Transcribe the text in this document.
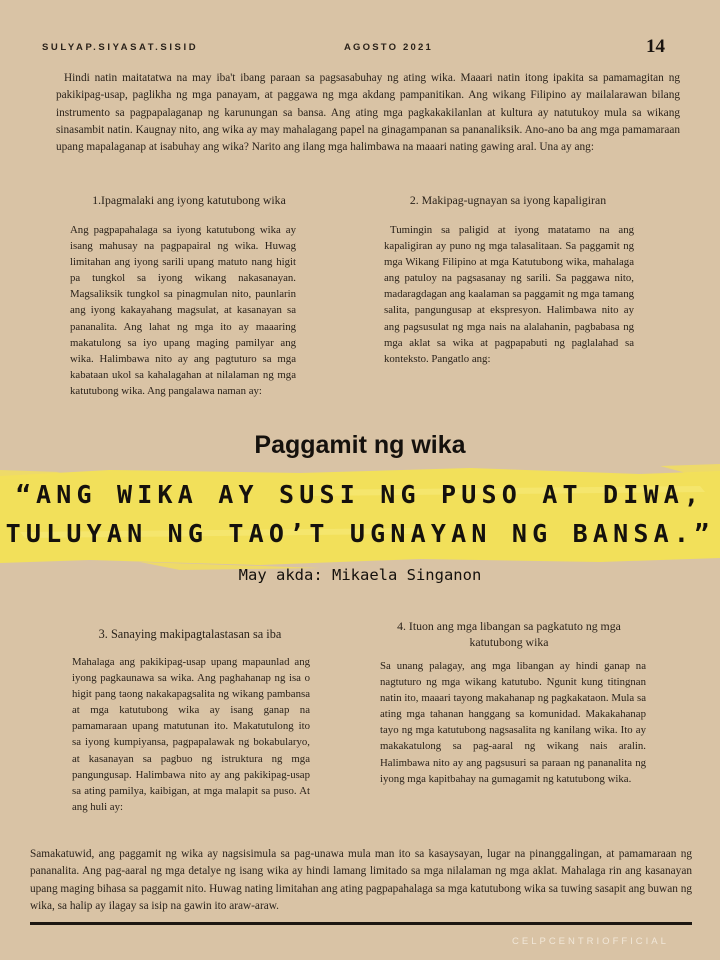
SULYAP.SIYASAT.SISID	AGOSTO 2021	14

Hindi natin maitatatwa na may iba't ibang paraan sa pagsasabuhay ng ating wika. Maaari natin itong ipakita sa pamamagitan ng pakikipag-usap, paglikha ng mga panayam, at paggawa ng mga akdang pampanitikan. Ang wikang Filipino ay mailalarawan bilang instrumento sa pagpapalaganap ng karunungan sa bansa. Ang ating mga pagkakakilanlan at kultura ay natutukoy mula sa wikang sinasambit natin. Kaugnay nito, ang wika ay may mahalagang papel na ginagampanan sa pananaliksik. Ano-ano ba ang mga pamamaraan upang mapalaganap at isabuhay ang wika? Narito ang ilang mga halimbawa na maaari nating gawing aral. Una ay ang:

1.Ipagmalaki ang iyong katutubong wika

Ang pagpapahalaga sa iyong katutubong wika ay isang mahusay na pagpapairal ng wika. Huwag limitahan ang iyong sarili upang matuto nang higit pa tungkol sa iyong wikang nakasanayan. Magsaliksik tungkol sa pinagmulan nito, paunlarin ang iyong kakayahang magsulat, at kasanayan sa pananalita. Ang lahat ng mga ito ay maaaring makatulong sa iyo upang maging pamilyar ang wika. Halimbawa nito ay ang pagtuturo sa mga kabataan ukol sa kahalagahan at nilalaman ng mga katutubong wika. Ang pangalawa naman ay:

2. Makipag-ugnayan sa iyong kapaligiran

Tumingin sa paligid at iyong matatamo na ang kapaligiran ay puno ng mga talasalitaan. Sa paggamit ng mga Wikang Filipino at mga Katutubong wika, mahalaga ang patuloy na pagsasanay ng sarili. Sa paggawa nito, madaragdagan ang kaalaman sa paggamit ng mga tamang salita, pangungusap at ekspresyon. Halimbawa nito ay ang pagsusulat ng mga nais na alalahanin, pagbabasa ng mga aklat sa wika at pagpapabuti ng paglalahad sa konteksto. Pangatlo ang:

Paggamit ng wika
“ANG WIKA AY SUSI NG PUSO AT DIWA,
TULUYAN NG TAO’T UGNAYAN NG BANSA.”
May akda: Mikaela Singanon
3. Sanaying makipagtalastasan sa iba

Mahalaga ang pakikipag-usap upang mapaunlad ang iyong pagkaunawa sa wika. Ang paghahanap ng isa o higit pang taong nakakapagsalita ng wikang pambansa at mga katutubong wika ay isang ganap na pamamaraan upang matutunan ito. Makatutulong ito sa iyong kumpiyansa, pagpapalawak ng bokabularyo, at kasanayan sa pagbuo ng istruktura ng mga pangungusap. Halimbawa nito ay ang pakikipag-usap sa ating pamilya, kaibigan, at mga malapit sa puso. At ang huli ay:

4. Ituon ang mga libangan sa pagkatuto ng mga katutubong wika

Sa unang palagay, ang mga libangan ay hindi ganap na nagtuturo ng mga wikang katutubo. Ngunit kung titingnan natin ito, maaari tayong makahanap ng pagkakataon. Mula sa ating mga tahanan hanggang sa komunidad. Makakahanap tayo ng mga katutubong nagsasalita ng kanilang wika. Ito ay makakatulong sa pag-aaral ng wikang nais aralin. Halimbawa nito ay ang pagsusuri sa paraan ng pananalita ng iyong mga kapitbahay na gumagamit ng katutubong wika.

Samakatuwid, ang paggamit ng wika ay nagsisimula sa pag-unawa mula man ito sa kasaysayan, lugar na pinanggalingan, at pamamaraan ng pananalita. Ang pag-aaral ng mga detalye ng isang wika ay hindi lamang limitado sa mga nilalaman ng mga aklat. Mahalaga rin ang kasanayan upang maging bihasa sa paggamit nito. Huwag nating limitahan ang ating pagpapahalaga sa mga katutubong wika sa tuwing sasapit ang buwan ng wika, sa halip ay ilagay sa isip na gawin ito araw-araw.

CELPCENTRIOFFICIAL
